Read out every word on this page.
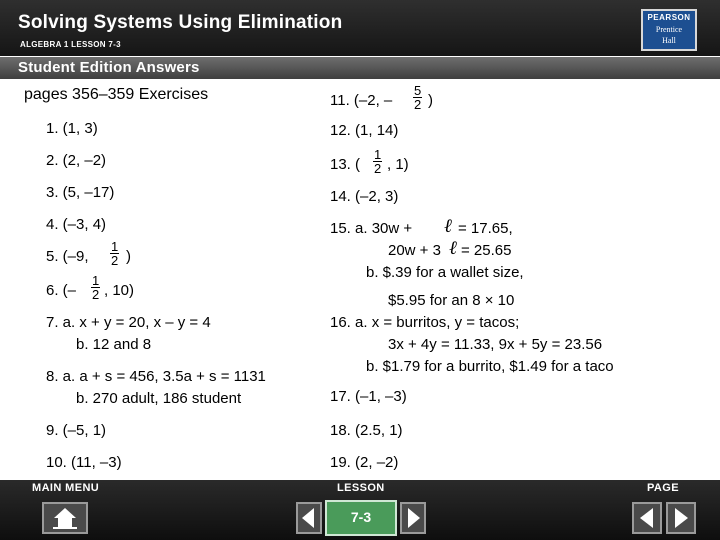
Solving Systems Using Elimination
ALGEBRA 1 LESSON 7-3
PEARSON
Prentice
Hall
Student Edition Answers
pages 356–359 Exercises
1. (1, 3)
2. (2, –2)
3. (5, –17)
4. (–3, 4)
5. (–9, $\frac{1}{2}$ )
6. (– $\frac{1}{2}$ , 10)
7. a. x + y = 20, x – y = 4
b. 12 and 8
8. a. a + s = 456, 3.5a + s = 1131
b. 270 adult, 186 student
9. (–5, 1)
10. (11, –3)
11. (–2, – $\frac{5}{2}$ )
12. (1, 14)
13. ( $\frac{1}{2}$ , 1)
14. (–2, 3)
15. a. 30w + ℓ = 17.65,
20w + 3 ℓ = 25.65
b. $.39 for a wallet size,
$5.95 for an 8 × 10
16. a. x = burritos, y = tacos;
3x + 4y = 11.33, 9x + 5y = 23.56
b. $1.79 for a burrito, $1.49 for a taco
17. (–1, –3)
18. (2.5, 1)
19. (2, –2)
MAIN MENU	LESSON	PAGE
7-3
